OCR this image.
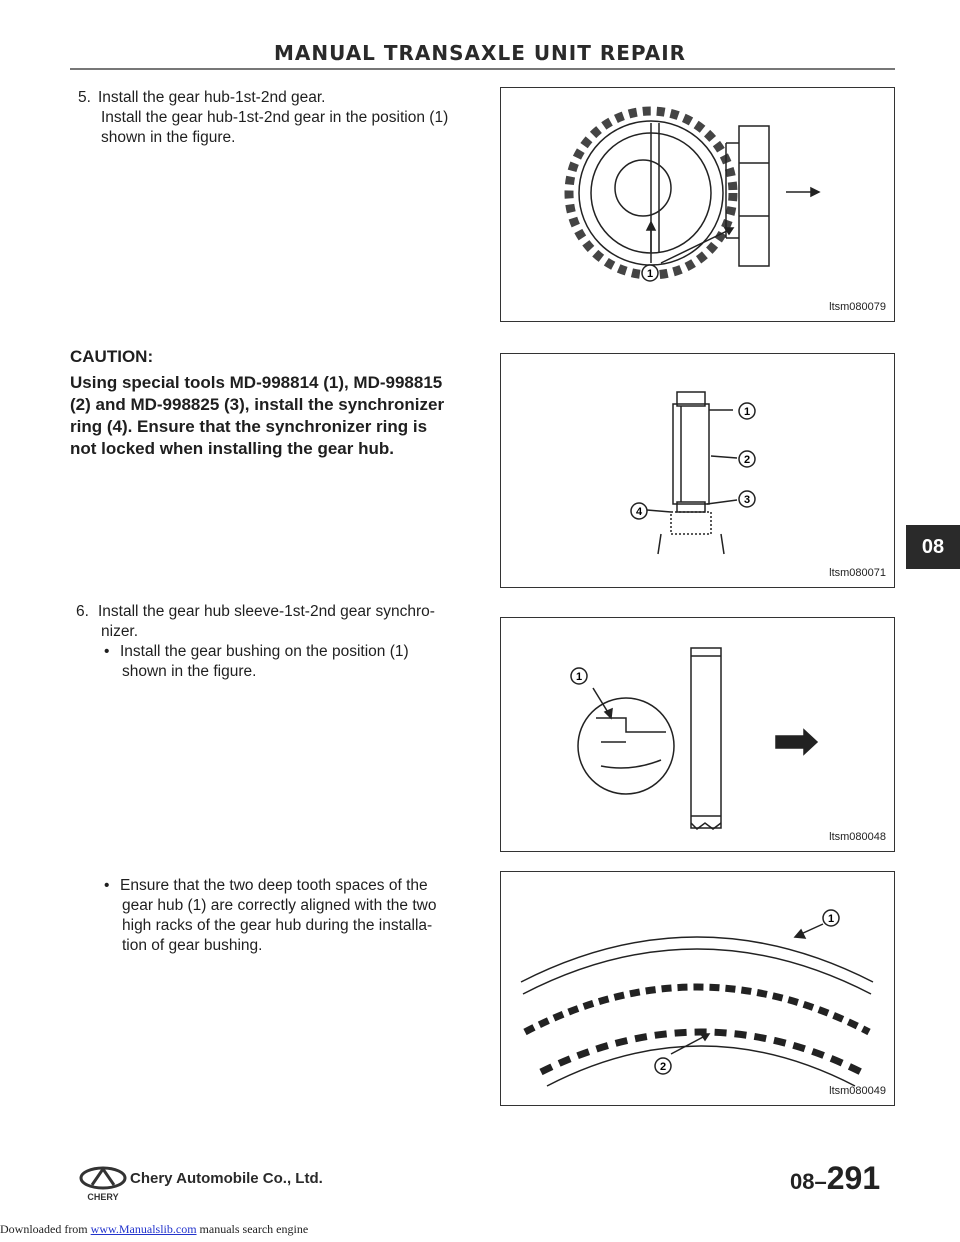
MANUAL TRANSAXLE UNIT REPAIR
5. Install the gear hub-1st-2nd gear.
Install the gear hub-1st-2nd gear in the position (1)
shown in the figure.
1
ltsm080079
CAUTION:
Using special tools MD-998814 (1), MD-998815
(2) and MD-998825 (3), install the synchronizer
ring (4). Ensure that the synchronizer ring is
not locked when installing the gear hub.
1
2
3
4
ltsm080071
6. Install the gear hub sleeve-1st-2nd gear synchro-
nizer.
• Install the gear bushing on the position (1)
shown in the figure.	1
ltsm080048
• Ensure that the two deep tooth spaces of the
gear hub (1) are correctly aligned with the two
high racks of the gear hub during the installa-
tion of gear bushing.
1
2
ltsm080049
08
CHERY
Chery Automobile Co., Ltd.	08–291
Downloaded from www.Manualslib.com manuals search engine
